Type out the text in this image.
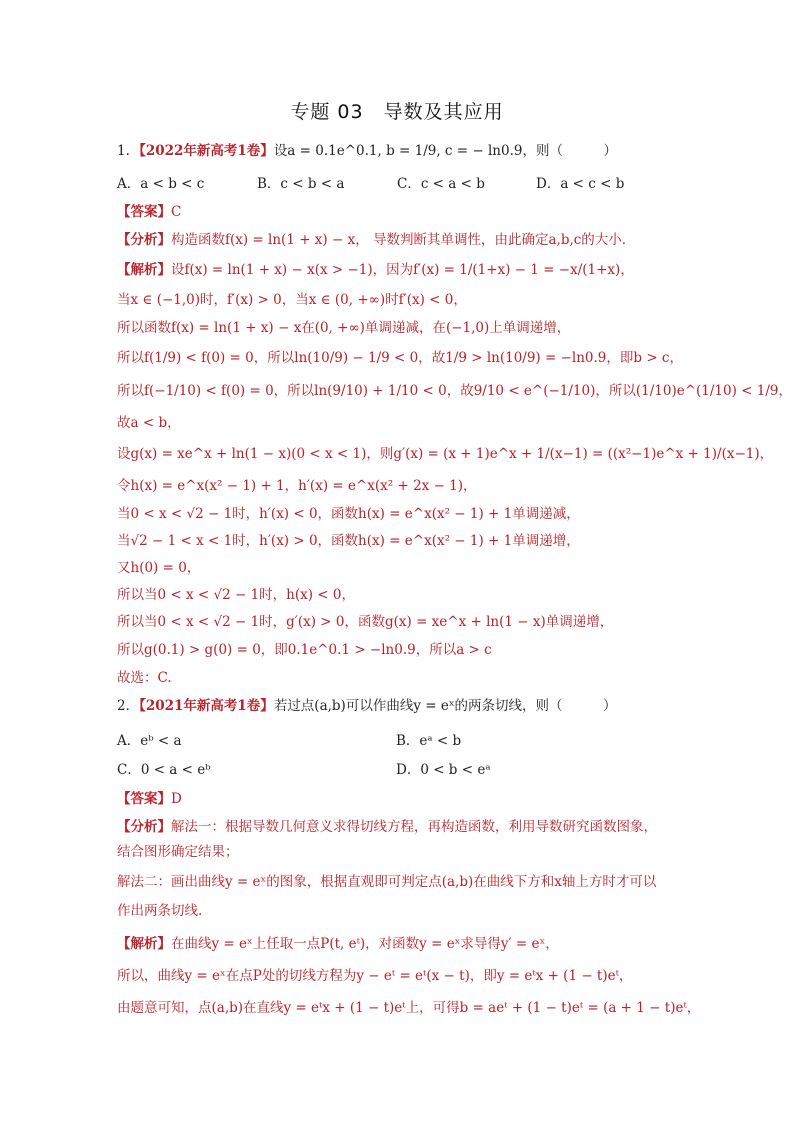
专题 03　导数及其应用
1．【2022年新高考1卷】设a = 0.1e^0.1, b = 1/9, c = − ln0.9，则（　　　）
A．a < b < c	B．c < b < a	C．c < a < b	D．a < c < b
【答案】C
【分析】构造函数f(x) = ln(1 + x) − x， 导数判断其单调性，由此确定a,b,c的大小.
【解析】设f(x) = ln(1 + x) − x(x > −1)，因为f′(x) = 1/(1+x) − 1 = −x/(1+x)，
当x ∈ (−1,0)时，f′(x) > 0，当x ∈ (0, +∞)时f′(x) < 0，
所以函数f(x) = ln(1 + x) − x在(0, +∞)单调递减，在(−1,0)上单调递增，
所以f(1/9) < f(0) = 0，所以ln(10/9) − 1/9 < 0，故1/9 > ln(10/9) = −ln0.9，即b > c，
所以f(−1/10) < f(0) = 0，所以ln(9/10) + 1/10 < 0，故9/10 < e^(−1/10)，所以(1/10)e^(1/10) < 1/9，
故a < b，
设g(x) = xe^x + ln(1 − x)(0 < x < 1)，则g′(x) = (x + 1)e^x + 1/(x−1) = ((x²−1)e^x + 1)/(x−1)，
令h(x) = e^x(x² − 1) + 1，h′(x) = e^x(x² + 2x − 1)，
当0 < x < √2 − 1时，h′(x) < 0，函数h(x) = e^x(x² − 1) + 1单调递减，
当√2 − 1 < x < 1时，h′(x) > 0，函数h(x) = e^x(x² − 1) + 1单调递增，
又h(0) = 0，
所以当0 < x < √2 − 1时，h(x) < 0，
所以当0 < x < √2 − 1时，g′(x) > 0，函数g(x) = xe^x + ln(1 − x)单调递增，
所以g(0.1) > g(0) = 0，即0.1e^0.1 > −ln0.9，所以a > c
故选：C.
2．【2021年新高考1卷】若过点(a,b)可以作曲线y = eˣ的两条切线，则（　　　）
A．eᵇ < a	B．eᵃ < b
C．0 < a < eᵇ	D．0 < b < eᵃ
【答案】D
【分析】解法一：根据导数几何意义求得切线方程，再构造函数，利用导数研究函数图象，
结合图形确定结果；
解法二：画出曲线y = eˣ的图象，根据直观即可判定点(a,b)在曲线下方和x轴上方时才可以
作出两条切线.
【解析】在曲线y = eˣ上任取一点P(t, eᵗ)，对函数y = eˣ求导得y′ = eˣ，
所以，曲线y = eˣ在点P处的切线方程为y − eᵗ = eᵗ(x − t)，即y = eᵗx + (1 − t)eᵗ，
由题意可知，点(a,b)在直线y = eᵗx + (1 − t)eᵗ上，可得b = aeᵗ + (1 − t)eᵗ = (a + 1 − t)eᵗ，
